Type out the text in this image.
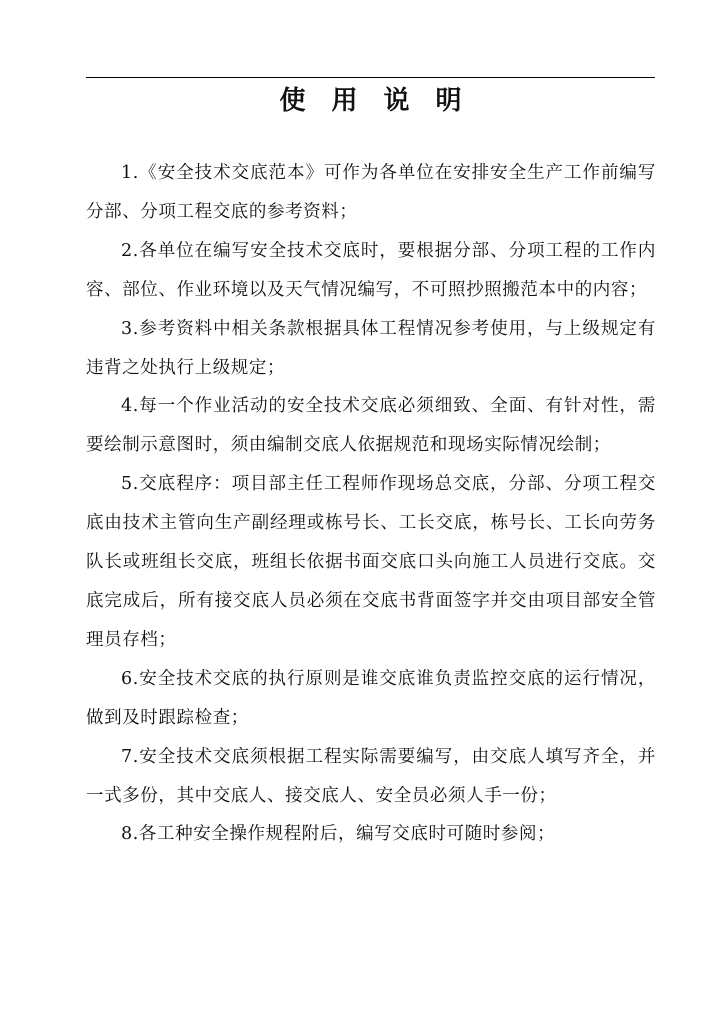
使用说明

1.《安全技术交底范本》可作为各单位在安排安全生产工作前编写分部、分项工程交底的参考资料；

2.各单位在编写安全技术交底时，要根据分部、分项工程的工作内容、部位、作业环境以及天气情况编写，不可照抄照搬范本中的内容；

3.参考资料中相关条款根据具体工程情况参考使用，与上级规定有违背之处执行上级规定；

4.每一个作业活动的安全技术交底必须细致、全面、有针对性，需要绘制示意图时，须由编制交底人依据规范和现场实际情况绘制；

5.交底程序：项目部主任工程师作现场总交底，分部、分项工程交底由技术主管向生产副经理或栋号长、工长交底，栋号长、工长向劳务队长或班组长交底，班组长依据书面交底口头向施工人员进行交底。交底完成后，所有接交底人员必须在交底书背面签字并交由项目部安全管理员存档；

6.安全技术交底的执行原则是谁交底谁负责监控交底的运行情况，做到及时跟踪检查；

7.安全技术交底须根据工程实际需要编写，由交底人填写齐全，并一式多份，其中交底人、接交底人、安全员必须人手一份；

8.各工种安全操作规程附后，编写交底时可随时参阅；
